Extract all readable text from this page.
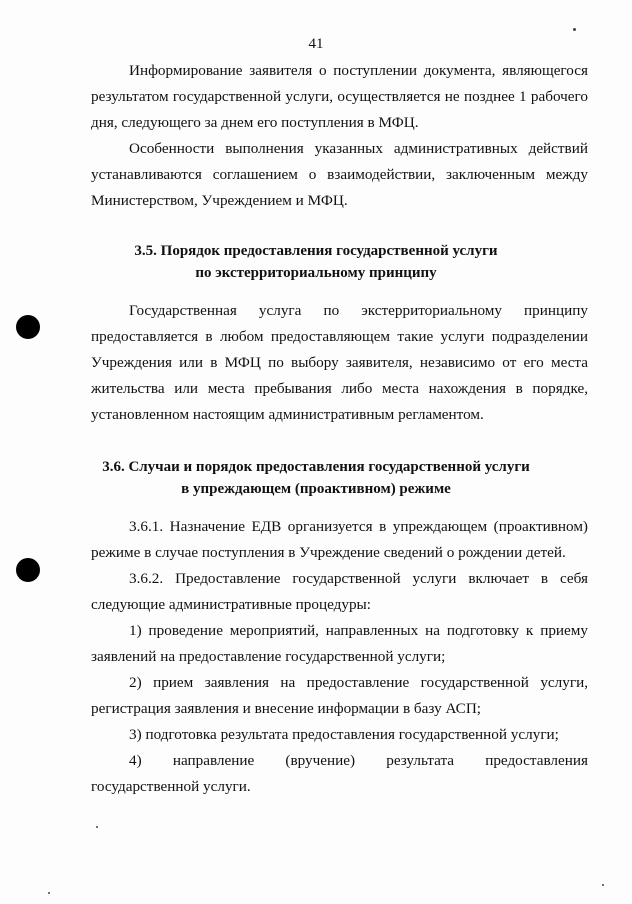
41

Информирование заявителя о поступлении документа, являющегося результатом государственной услуги, осуществляется не позднее 1 рабочего дня, следующего за днем его поступления в МФЦ.

Особенности выполнения указанных административных действий устанавливаются соглашением о взаимодействии, заключенным между Министерством, Учреждением и МФЦ.

3.5. Порядок предоставления государственной услуги
по экстерриториальному принципу

Государственная услуга по экстерриториальному принципу предоставляется в любом предоставляющем такие услуги подразделении Учреждения или в МФЦ по выбору заявителя, независимо от его места жительства или места пребывания либо места нахождения в порядке, установленном настоящим административным регламентом.

3.6. Случаи и порядок предоставления государственной услуги
в упреждающем (проактивном) режиме

3.6.1. Назначение ЕДВ организуется в упреждающем (проактивном) режиме в случае поступления в Учреждение сведений о рождении детей.

3.6.2. Предоставление государственной услуги включает в себя следующие административные процедуры:

1) проведение мероприятий, направленных на подготовку к приему заявлений на предоставление государственной услуги;

2) прием заявления на предоставление государственной услуги, регистрация заявления и внесение информации в базу АСП;

3) подготовка результата предоставления государственной услуги;

4) направление (вручение) результата предоставления государственной услуги.
